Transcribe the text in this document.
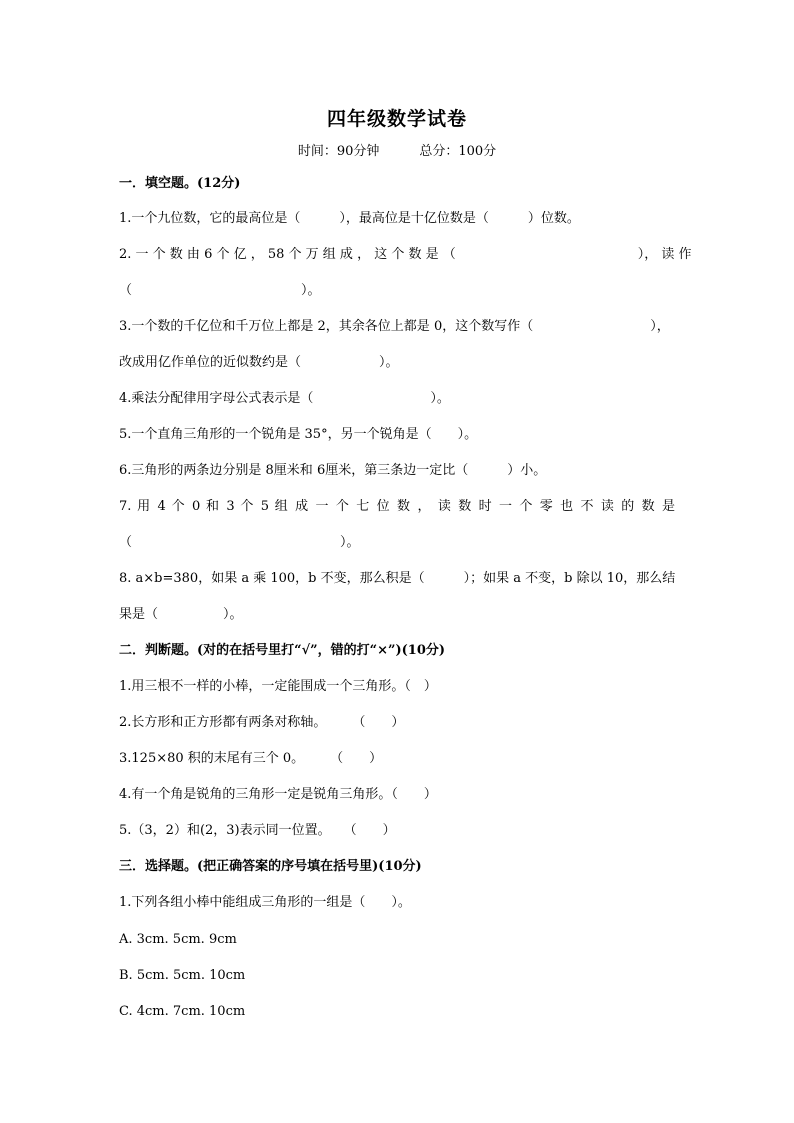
四年级数学试卷
时间：90分钟	总分：100分
一．填空题。(12分)
1.一个九位数，它的最高位是（　　　），最高位是十亿位数是（　　　）位数。
2. 一 个 数 由 6 个 亿 ， 58 个 万 组 成 ， 这 个 数 是 （　　　　　　　　　　　　　　）， 读 作
（　　　　　　　　　　　　　）。
3.一个数的千亿位和千万位上都是 2，其余各位上都是 0，这个数写作（　　　　　　　　　），
改成用亿作单位的近似数约是（　　　　　　）。
4.乘法分配律用字母公式表示是（　　　　　　　　　）。
5.一个直角三角形的一个锐角是 35°，另一个锐角是（　　）。
6.三角形的两条边分别是 8厘米和 6厘米，第三条边一定比（　　　）小。
7. 用 4 个 0 和 3 个 5 组 成 一 个 七 位 数 ， 读 数 时 一 个 零 也 不 读 的 数 是
（　　　　　　　　　　　　　　　　）。
8. a×b=380，如果 a 乘 100，b 不变，那么积是（　　　）；如果 a 不变，b 除以 10，那么结
果是（　　　　　）。
二．判断题。(对的在括号里打“√”，错的打“×”)(10分)
1.用三根不一样的小棒，一定能围成一个三角形。（　）
2.长方形和正方形都有两条对称轴。　　　（　　）
3.125×80 积的末尾有三个 0。　　　（　　）
4.有一个角是锐角的三角形一定是锐角三角形。（　　）
5.（3，2）和(2，3)表示同一位置。　　（　　）
三．选择题。(把正确答案的序号填在括号里)(10分)
1.下列各组小棒中能组成三角形的一组是（　　）。
A. 3cm. 5cm. 9cm
B. 5cm. 5cm. 10cm
C. 4cm. 7cm. 10cm
